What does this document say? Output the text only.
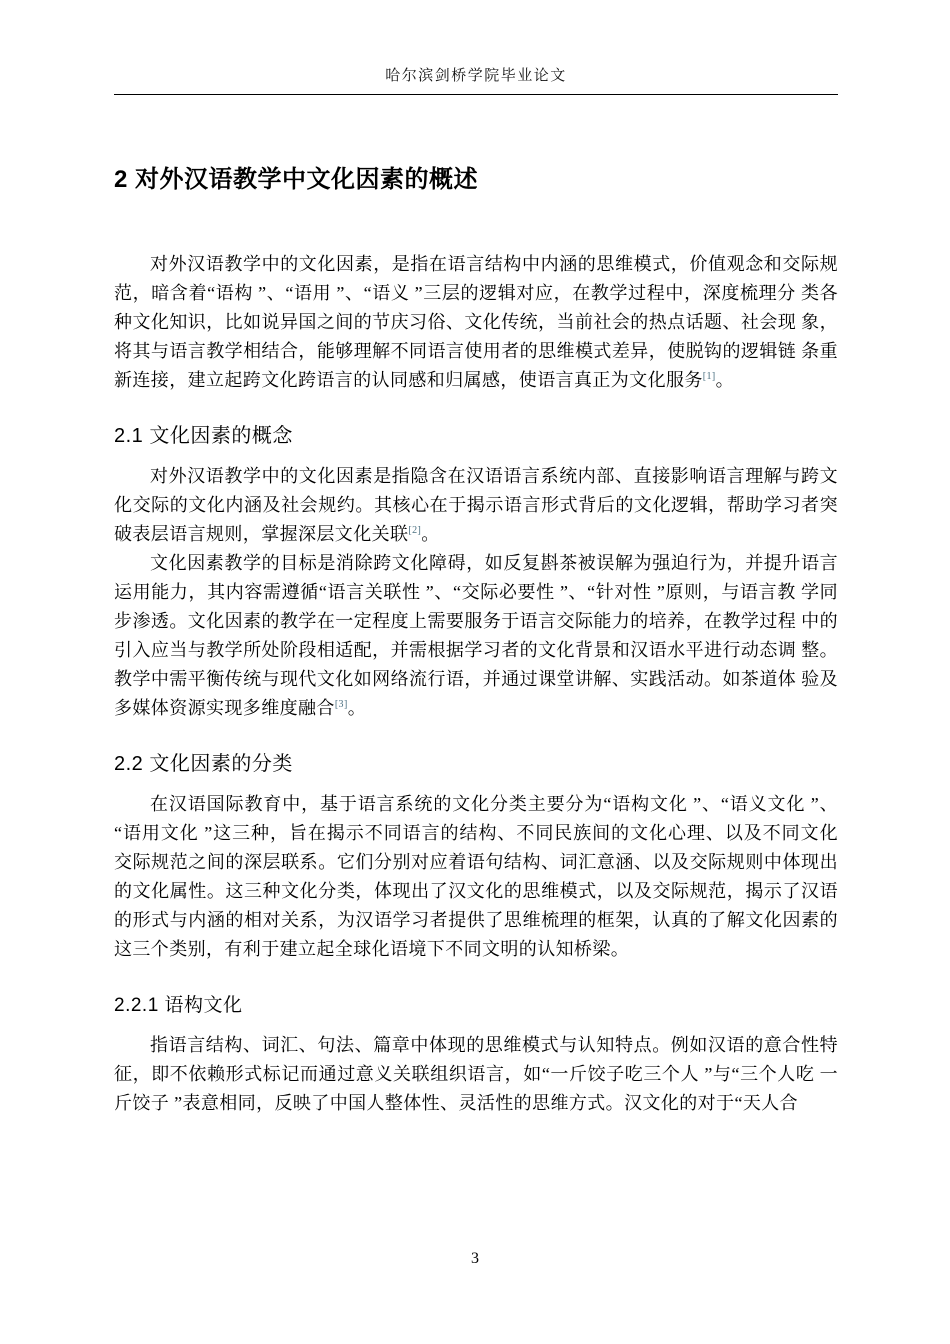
哈尔滨剑桥学院毕业论文
2 对外汉语教学中文化因素的概述

对外汉语教学中的文化因素，是指在语言结构中内涵的思维模式，价值观念和交际规范，暗含着“语构 ”、“语用 ”、“语义 ”三层的逻辑对应，在教学过程中，深度梳理分 类各种文化知识，比如说异国之间的节庆习俗、文化传统，当前社会的热点话题、社会现 象，将其与语言教学相结合，能够理解不同语言使用者的思维模式差异，使脱钩的逻辑链 条重新连接，建立起跨文化跨语言的认同感和归属感，使语言真正为文化服务[1]。

2.1 文化因素的概念

对外汉语教学中的文化因素是指隐含在汉语语言系统内部、直接影响语言理解与跨文化交际的文化内涵及社会规约。其核心在于揭示语言形式背后的文化逻辑，帮助学习者突破表层语言规则，掌握深层文化关联[2]。

文化因素教学的目标是消除跨文化障碍，如反复斟茶被误解为强迫行为，并提升语言运用能力，其内容需遵循“语言关联性 ”、“交际必要性 ”、“针对性 ”原则，与语言教 学同步渗透。文化因素的教学在一定程度上需要服务于语言交际能力的培养，在教学过程 中的引入应当与教学所处阶段相适配，并需根据学习者的文化背景和汉语水平进行动态调 整。教学中需平衡传统与现代文化如网络流行语，并通过课堂讲解、实践活动。如茶道体 验及多媒体资源实现多维度融合[3]。

2.2 文化因素的分类

在汉语国际教育中，基于语言系统的文化分类主要分为“语构文化 ”、“语义文化 ”、 “语用文化 ”这三种，旨在揭示不同语言的结构、不同民族间的文化心理、以及不同文化 交际规范之间的深层联系。它们分别对应着语句结构、词汇意涵、以及交际规则中体现出 的文化属性。这三种文化分类，体现出了汉文化的思维模式，以及交际规范，揭示了汉语 的形式与内涵的相对关系，为汉语学习者提供了思维梳理的框架，认真的了解文化因素的 这三个类别，有利于建立起全球化语境下不同文明的认知桥梁。

2.2.1 语构文化

指语言结构、词汇、句法、篇章中体现的思维模式与认知特点。例如汉语的意合性特征，即不依赖形式标记而通过意义关联组织语言，如“一斤饺子吃三个人 ”与“三个人吃 一斤饺子 ”表意相同，反映了中国人整体性、灵活性的思维方式。汉文化的对于“天人合

3
